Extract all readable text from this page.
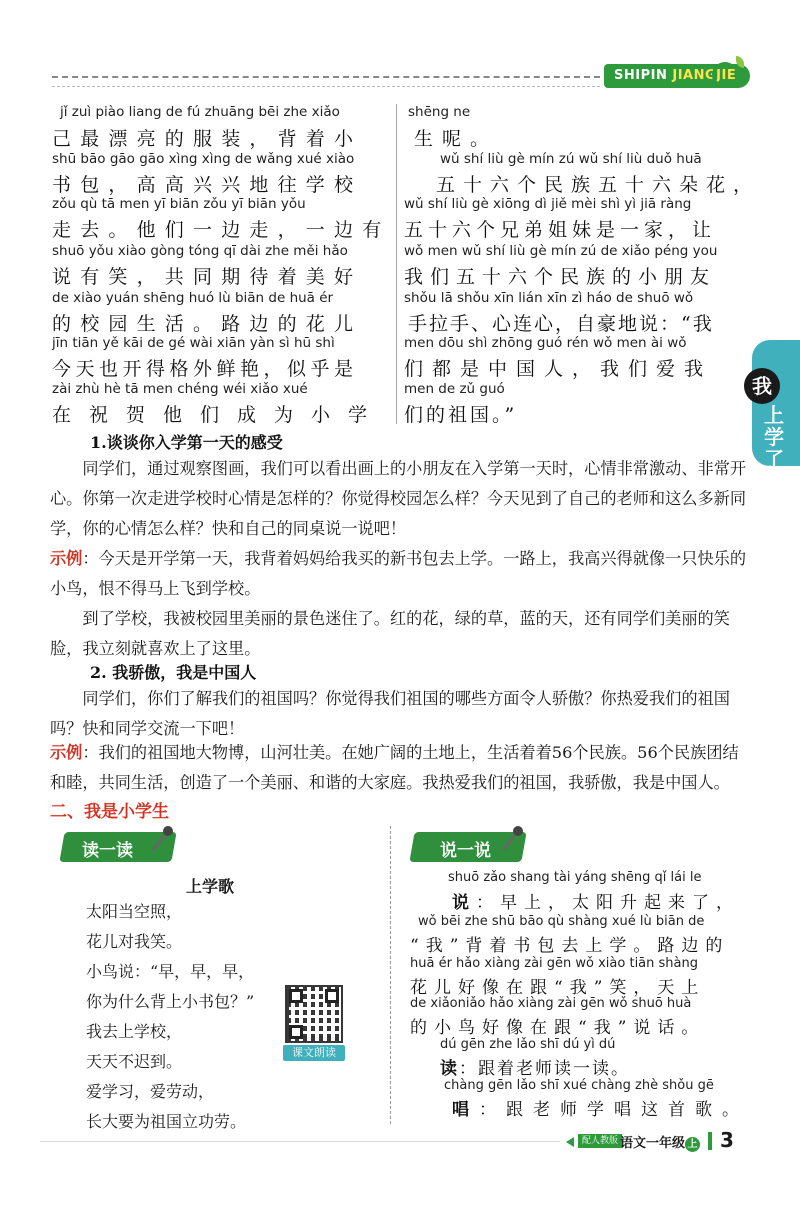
SHIPIN JIANGJIE
我
上学了
jǐ zuì piào liang de fú zhuāng bēi zhe xiǎo
己最漂亮的服装，背着小
shū bāo gāo gāo xìng xìng de wǎng xué xiào
书包，高高兴兴地往学校
zǒu qù tā men yī biān zǒu yī biān yǒu
走去。他们一边走，一边有
shuō yǒu xiào gòng tóng qī dài zhe měi hǎo
说有笑，共同期待着美好
de xiào yuán shēng huó lù biān de huā ér
的校园生活。路边的花儿
jīn tiān yě kāi de gé wài xiān yàn sì hū shì
今天也开得格外鲜艳，似乎是
zài zhù hè tā men chéng wéi xiǎo xué
在祝贺他们成为小学
shēng ne
生呢。
wǔ shí liù gè mín zú wǔ shí liù duǒ huā
五十六个民族五十六朵花，
wǔ shí liù gè xiōng dì jiě mèi shì yì jiā ràng
五十六个兄弟姐妹是一家，让
wǒ men wǔ shí liù gè mín zú de xiǎo péng you
我们五十六个民族的小朋友
shǒu lā shǒu xīn lián xīn zì háo de shuō wǒ
手拉手、心连心，自豪地说：“我
men dōu shì zhōng guó rén wǒ men ài wǒ
们都是中国人，我们爱我
men de zǔ guó
们的祖国。”
1.谈谈你入学第一天的感受
同学们，通过观察图画，我们可以看出画上的小朋友在入学第一天时，心情非常激动、非常开心。你第一次走进学校时心情是怎样的？你觉得校园怎么样？今天见到了自己的老师和这么多新同学，你的心情怎么样？快和自己的同桌说一说吧！
示例：今天是开学第一天，我背着妈妈给我买的新书包去上学。一路上，我高兴得就像一只快乐的小鸟，恨不得马上飞到学校。
到了学校，我被校园里美丽的景色迷住了。红的花，绿的草，蓝的天，还有同学们美丽的笑脸，我立刻就喜欢上了这里。
2. 我骄傲，我是中国人
同学们，你们了解我们的祖国吗？你觉得我们祖国的哪些方面令人骄傲？你热爱我们的祖国吗？快和同学交流一下吧！
示例：我们的祖国地大物博，山河壮美。在她广阔的土地上，生活着着56个民族。56个民族团结和睦，共同生活，创造了一个美丽、和谐的大家庭。我热爱我们的祖国，我骄傲，我是中国人。
二、我是小学生
读一读
上学歌
太阳当空照，
花儿对我笑。
小鸟说：“早，早，早，
你为什么背上小书包？”
我去上学校，
天天不迟到。
爱学习，爱劳动，
长大要为祖国立功劳。
课文朗读
说一说
shuō zǎo shang tài yáng shēng qǐ lái le
说：早上，太阳升起来了，
wǒ bēi zhe shū bāo qù shàng xué lù biān de
“我”背着书包去上学。路边的
huā ér hǎo xiàng zài gēn wǒ xiào tiān shàng
花儿好像在跟“我”笑，天上
de xiǎoniǎo hǎo xiàng zài gēn wǒ shuō huà
的小鸟好像在跟“我”说话。
dú gēn zhe lǎo shī dú yì dú
读：跟着老师读一读。
chàng gēn lǎo shī xué chàng zhè shǒu gē
唱：跟老师学唱这首歌。
配人教版 语文一年级 上 3
